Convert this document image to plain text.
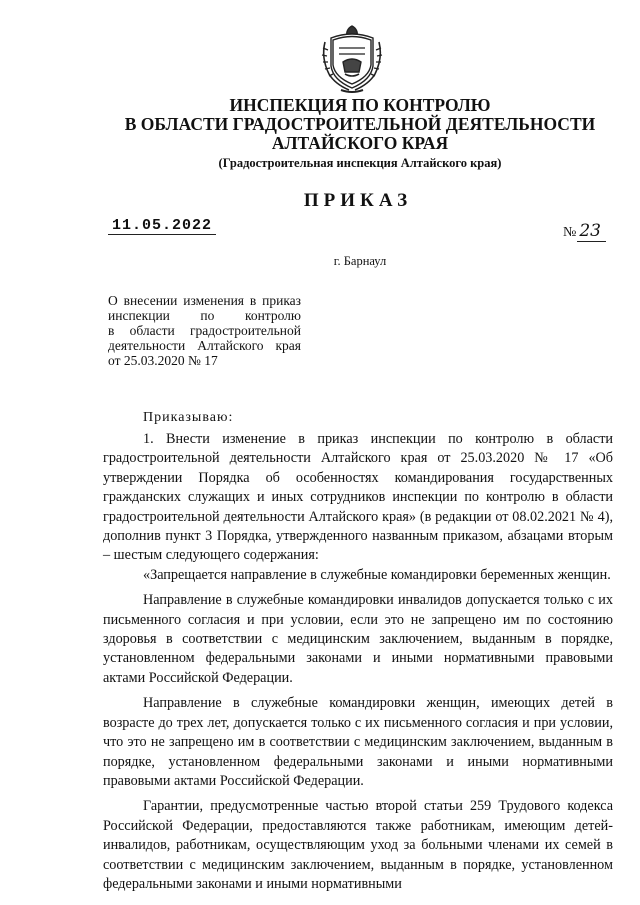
ИНСПЕКЦИЯ ПО КОНТРОЛЮ
В ОБЛАСТИ ГРАДОСТРОИТЕЛЬНОЙ ДЕЯТЕЛЬНОСТИ
АЛТАЙСКОГО КРАЯ
(Градостроительная инспекция Алтайского края)
ПРИКАЗ
11.05.2022	№ 23
г. Барнаул
О внесении изменения в приказ
инспекции по контролю
в области градостроительной
деятельности Алтайского края
от 25.03.2020 № 17
Приказываю:

1. Внести изменение в приказ инспекции по контролю в области градостроительной деятельности Алтайского края от 25.03.2020 № 17 «Об утверждении Порядка об особенностях командирования государственных гражданских служащих и иных сотрудников инспекции по контролю в области градостроительной деятельности Алтайского края» (в редакции от 08.02.2021 № 4), дополнив пункт 3 Порядка, утвержденного названным приказом, абзацами вторым – шестым следующего содержания:

«Запрещается направление в служебные командировки беременных женщин.

Направление в служебные командировки инвалидов допускается только с их письменного согласия и при условии, если это не запрещено им по состоянию здоровья в соответствии с медицинским заключением, выданным в порядке, установленном федеральными законами и иными нормативными правовыми актами Российской Федерации.

Направление в служебные командировки женщин, имеющих детей в возрасте до трех лет, допускается только с их письменного согласия и при условии, что это не запрещено им в соответствии с медицинским заключением, выданным в порядке, установленном федеральными законами и иными нормативными правовыми актами Российской Федерации.

Гарантии, предусмотренные частью второй статьи 259 Трудового кодекса Российской Федерации, предоставляются также работникам, имеющим детей-инвалидов, работникам, осуществляющим уход за больными членами их семей в соответствии с медицинским заключением, выданным в порядке, установленном федеральными законами и иными нормативными
